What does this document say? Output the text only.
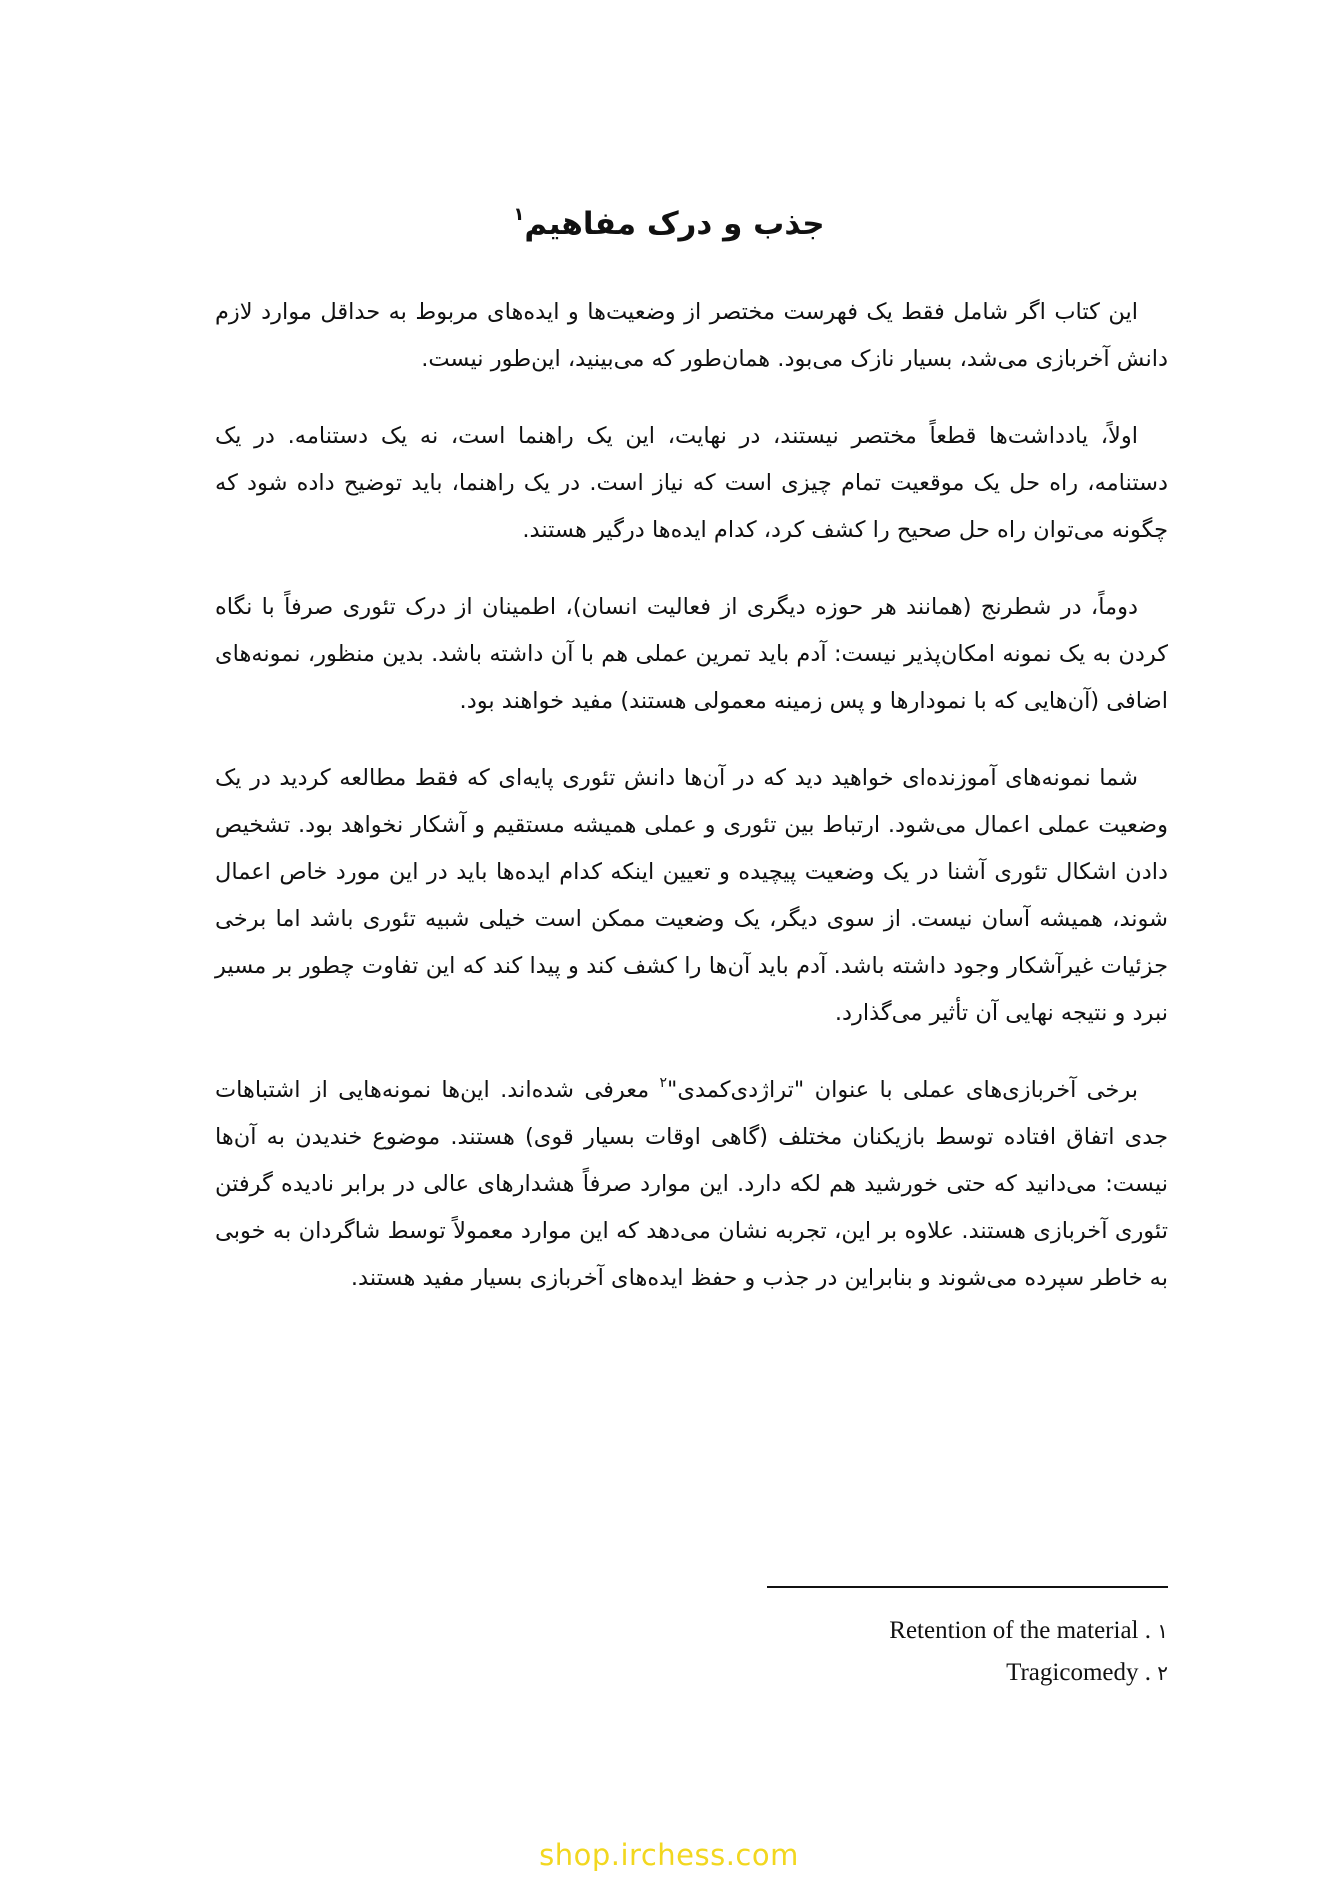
جذب و درک مفاهیم$^۱$

این کتاب اگر شامل فقط یک فهرست مختصر از وضعیت‌ها و ایده‌های مربوط به حداقل موارد لازم دانش آخربازی می‌شد، بسیار نازک می‌بود. همان‌طور که می‌بینید، این‌طور نیست.

اولاً، یادداشت‌ها قطعاً مختصر نیستند، در نهایت، این یک راهنما است، نه یک دستنامه. در یک دستنامه، راه حل یک موقعیت تمام چیزی است که نیاز است. در یک راهنما، باید توضیح داده شود که چگونه می‌توان راه حل صحیح را کشف کرد، کدام ایده‌ها درگیر هستند.

دوماً، در شطرنج (همانند هر حوزه دیگری از فعالیت انسان)، اطمینان از درک تئوری صرفاً با نگاه کردن به یک نمونه امکان‌پذیر نیست: آدم باید تمرین عملی هم با آن داشته باشد. بدین منظور، نمونه‌های اضافی (آن‌هایی که با نمودارها و پس زمینه معمولی هستند) مفید خواهند بود.

شما نمونه‌های آموزنده‌ای خواهید دید که در آن‌ها دانش تئوری پایه‌ای که فقط مطالعه کردید در یک وضعیت عملی اعمال می‌شود. ارتباط بین تئوری و عملی همیشه مستقیم و آشکار نخواهد بود. تشخیص دادن اشکال تئوری آشنا در یک وضعیت پیچیده و تعیین اینکه کدام ایده‌ها باید در این مورد خاص اعمال شوند، همیشه آسان نیست. از سوی دیگر، یک وضعیت ممکن است خیلی شبیه تئوری باشد اما برخی جزئیات غیرآشکار وجود داشته باشد. آدم باید آن‌ها را کشف کند و پیدا کند که این تفاوت چطور بر مسیر نبرد و نتیجه نهایی آن تأثیر می‌گذارد.

برخی آخربازی‌های عملی با عنوان "تراژدی‌کمدی"$^۲$ معرفی شده‌اند. این‌ها نمونه‌هایی از اشتباهات جدی اتفاق افتاده توسط بازیکنان مختلف (گاهی اوقات بسیار قوی) هستند. موضوع خندیدن به آن‌ها نیست: می‌دانید که حتی خورشید هم لکه دارد. این موارد صرفاً هشدارهای عالی در برابر نادیده گرفتن تئوری آخربازی هستند. علاوه بر این، تجربه نشان می‌دهد که این موارد معمولاً توسط شاگردان به خوبی به خاطر سپرده می‌شوند و بنابراین در جذب و حفظ ایده‌های آخربازی بسیار مفید هستند.

Retention of the material . ۱
Tragicomedy . ۲
shop.irchess.com
